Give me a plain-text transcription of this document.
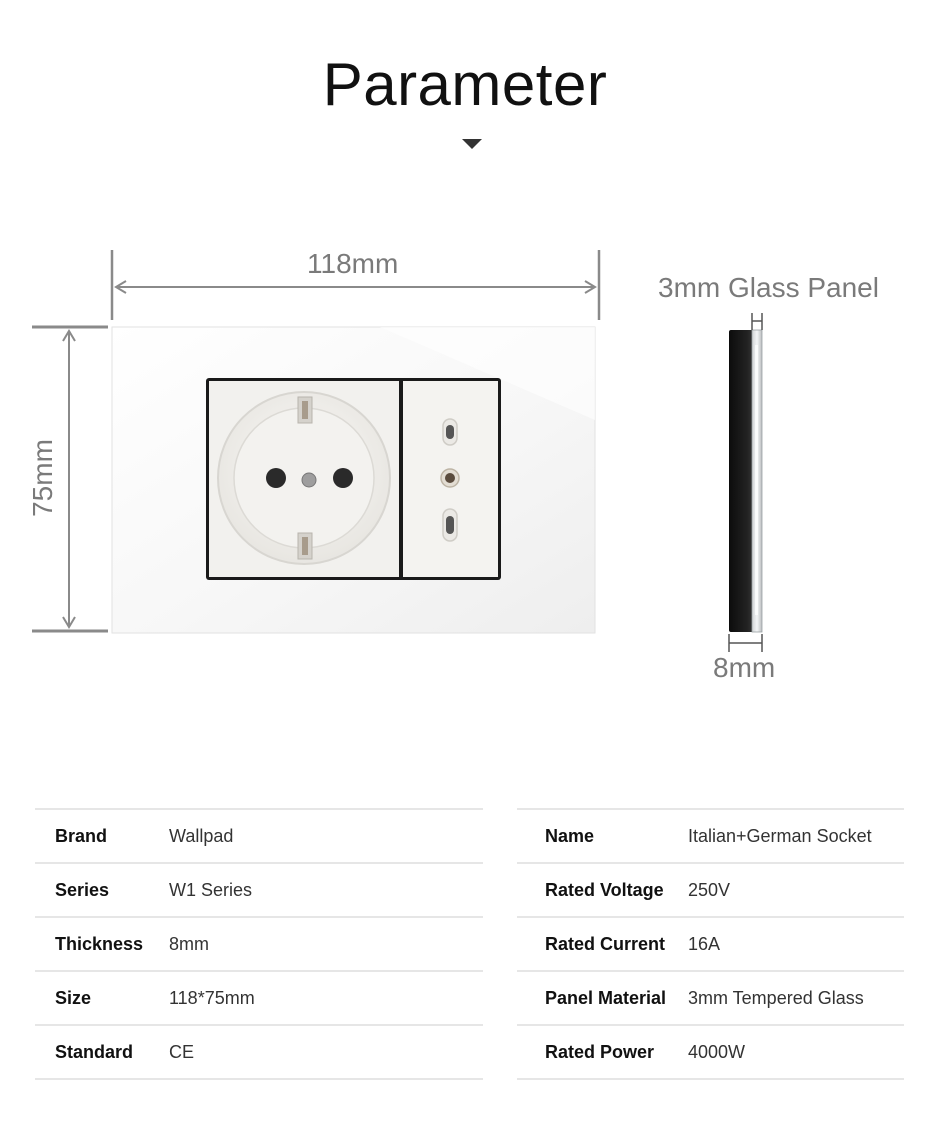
Parameter
118mm
75mm
3mm Glass Panel
8mm
Brand	Wallpad
Series	W1 Series
Thickness	8mm
Size	118*75mm
Standard	CE
Name	Italian+German Socket
Rated Voltage	250V
Rated Current	16A
Panel Material	3mm Tempered Glass
Rated Power	4000W
